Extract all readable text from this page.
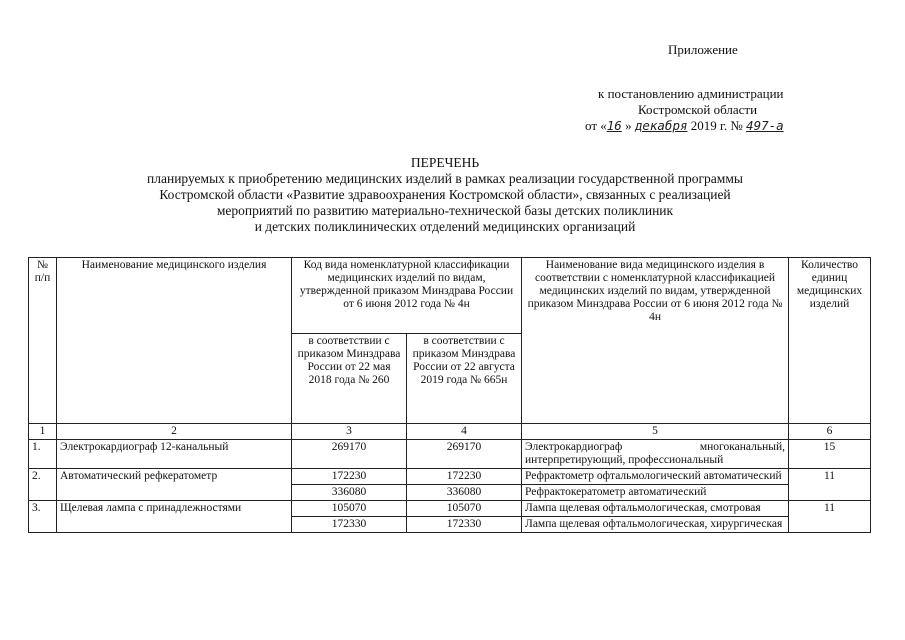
Приложение
к постановлению администрации
Костромской области
от «16 » декабря 2019 г. № 497-а
ПЕРЕЧЕНЬ
планируемых к приобретению медицинских изделий в рамках реализации государственной программы
Костромской области «Развитие здравоохранения Костромской области», связанных с реализацией
мероприятий по развитию материально-технической базы детских поликлиник
и детских поликлинических отделений медицинских организаций
№ п/п	Наименование медицинского изделия	Код вида номенклатурной классификации медицинских изделий по видам, утвержденной приказом Минздрава России от 6 июня 2012 года № 4н		Наименование вида медицинского изделия в соответствии с номенклатурной классификацией медицинских изделий по видам, утвержденной приказом Минздрава России от 6 июня 2012 года № 4н	Количество единиц медицинских изделий
		в соответствии с приказом Минздрава России от 22 мая 2018 года № 260	в соответствии с приказом Минздрава России от 22 августа 2019 года № 665н		
1	2	3	4	5	6
1.	Электрокардиограф 12-канальный	269170	269170	Электрокардиограф многоканальный, интерпретирующий, профессиональный	15
2.	Автоматический рефкератометр	172230	172230	Рефрактометр офтальмологический автоматический	11
		336080	336080	Рефрактокератометр автоматический	
3.	Щелевая лампа с принадлежностями	105070	105070	Лампа щелевая офтальмологическая, смотровая	11
		172330	172330	Лампа щелевая офтальмологическая, хирургическая	
